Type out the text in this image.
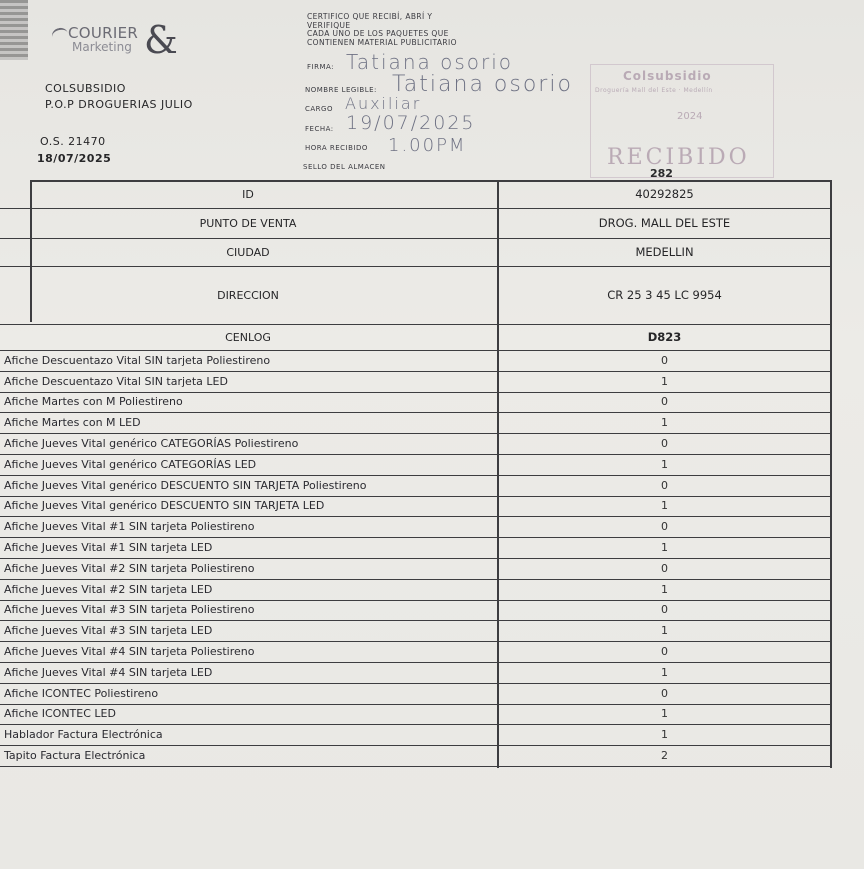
COURIER
Marketing &
CERTIFICO QUE RECIBÍ, ABRÍ Y
VERIFIQUE
CADA UNO DE LOS PAQUETES QUE
CONTIENEN MATERIAL PUBLICITARIO
FIRMA: Tatiana osorio
NOMBRE LEGIBLE: Tatiana osorio
CARGO Auxiliar
FECHA: 19/07/2025
HORA RECIBIDO 1.00PM
SELLO DEL ALMACEN
COLSUBSIDIO
P.O.P DROGUERIAS JULIO
O.S. 21470
18/07/2025
Colsubsidio
Droguería Mall del Este · Medellín
2024
RECIBIDO
282
ID	40292825
PUNTO DE VENTA	DROG. MALL DEL ESTE
CIUDAD	MEDELLIN
DIRECCION	CR 25 3 45 LC 9954
CENLOG	D823
Afiche Descuentazo Vital SIN tarjeta Poliestireno	0
Afiche Descuentazo Vital SIN tarjeta LED	1
Afiche Martes con M Poliestireno	0
Afiche Martes con M LED	1
Afiche Jueves Vital genérico CATEGORÍAS Poliestireno	0
Afiche Jueves Vital genérico CATEGORÍAS LED	1
Afiche Jueves Vital genérico DESCUENTO SIN TARJETA Poliestireno	0
Afiche Jueves Vital genérico DESCUENTO SIN TARJETA LED	1
Afiche Jueves Vital #1 SIN tarjeta Poliestireno	0
Afiche Jueves Vital #1 SIN tarjeta LED	1
Afiche Jueves Vital #2 SIN tarjeta Poliestireno	0
Afiche Jueves Vital #2 SIN tarjeta LED	1
Afiche Jueves Vital #3 SIN tarjeta Poliestireno	0
Afiche Jueves Vital #3 SIN tarjeta LED	1
Afiche Jueves Vital #4 SIN tarjeta Poliestireno	0
Afiche Jueves Vital #4 SIN tarjeta LED	1
Afiche ICONTEC Poliestireno	0
Afiche ICONTEC LED	1
Hablador Factura Electrónica	1
Tapito Factura Electrónica	2
